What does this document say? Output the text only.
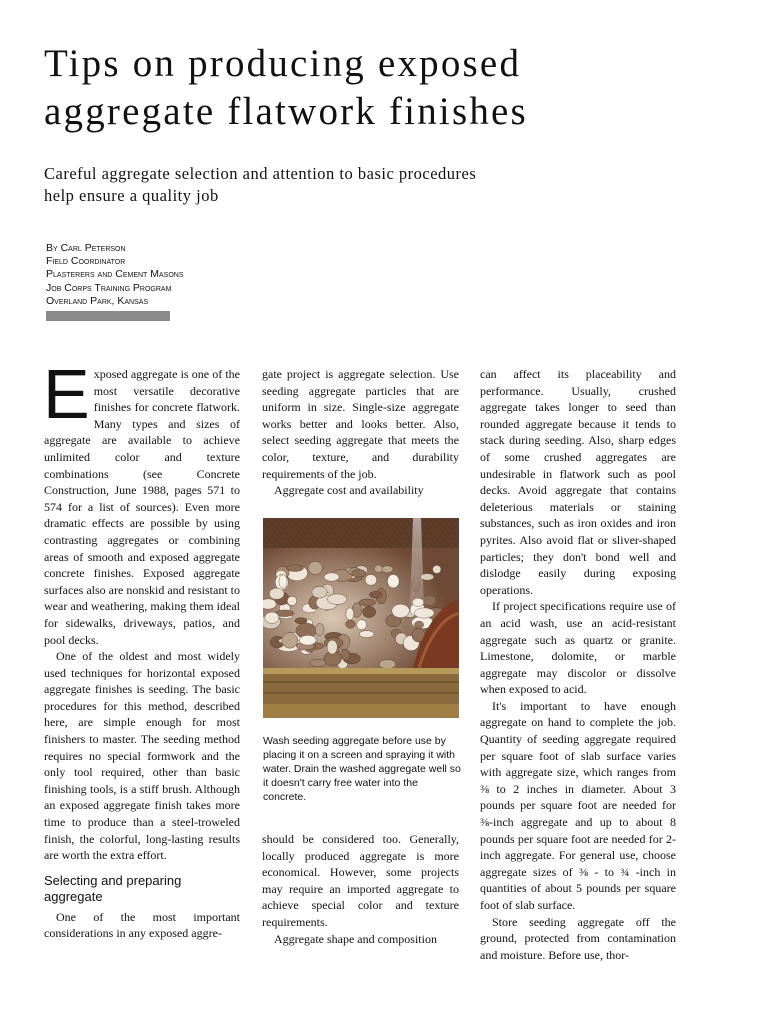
Tips on producing exposed
aggregate flatwork finishes
Careful aggregate selection and attention to basic procedures
help ensure a quality job
By Carl Peterson
Field Coordinator
Plasterers and Cement Masons
Job Corps Training Program
Overland Park, Kansas

Exposed aggregate is one of the most versatile decorative finishes for concrete flatwork. Many types and sizes of aggregate are available to achieve unlimited color and texture combinations (see Concrete Construction, June 1988, pages 571 to 574 for a list of sources). Even more dramatic effects are possible by using contrasting aggregates or combining areas of smooth and exposed aggregate concrete finishes. Exposed aggregate surfaces also are nonskid and resistant to wear and weathering, making them ideal for sidewalks, driveways, patios, and pool decks.

One of the oldest and most widely used techniques for horizontal exposed aggregate finishes is seeding. The basic procedures for this method, described here, are simple enough for most finishers to master. The seeding method requires no special formwork and the only tool required, other than basic finishing tools, is a stiff brush. Although an exposed aggregate finish takes more time to produce than a steel-troweled finish, the colorful, long-lasting results are worth the extra effort.

Selecting and preparing aggregate

One of the most important considerations in any exposed aggre-

gate project is aggregate selection. Use seeding aggregate particles that are uniform in size. Single-size aggregate works better and looks better. Also, select seeding aggregate that meets the color, texture, and durability requirements of the job.

Aggregate cost and availability

Wash seeding aggregate before use by placing it on a screen and spraying it with water. Drain the washed aggregate well so it doesn't carry free water into the concrete.

should be considered too. Generally, locally produced aggregate is more economical. However, some projects may require an imported aggregate to achieve special color and texture requirements.

Aggregate shape and composition

can affect its placeability and performance. Usually, crushed aggregate takes longer to seed than rounded aggregate because it tends to stack during seeding. Also, sharp edges of some crushed aggregates are undesirable in flatwork such as pool decks. Avoid aggregate that contains deleterious materials or staining substances, such as iron oxides and iron pyrites. Also avoid flat or sliver-shaped particles; they don't bond well and dislodge easily during exposing operations.

If project specifications require use of an acid wash, use an acid-resistant aggregate such as quartz or granite. Limestone, dolomite, or marble aggregate may discolor or dissolve when exposed to acid.

It's important to have enough aggregate on hand to complete the job. Quantity of seeding aggregate required per square foot of slab surface varies with aggregate size, which ranges from ⅜ to 2 inches in diameter. About 3 pounds per square foot are needed for ⅜-inch aggregate and up to about 8 pounds per square foot are needed for 2-inch aggregate. For general use, choose aggregate sizes of ⅜ - to ¾ -inch in quantities of about 5 pounds per square foot of slab surface.

Store seeding aggregate off the ground, protected from contamination and moisture. Before use, thor-
